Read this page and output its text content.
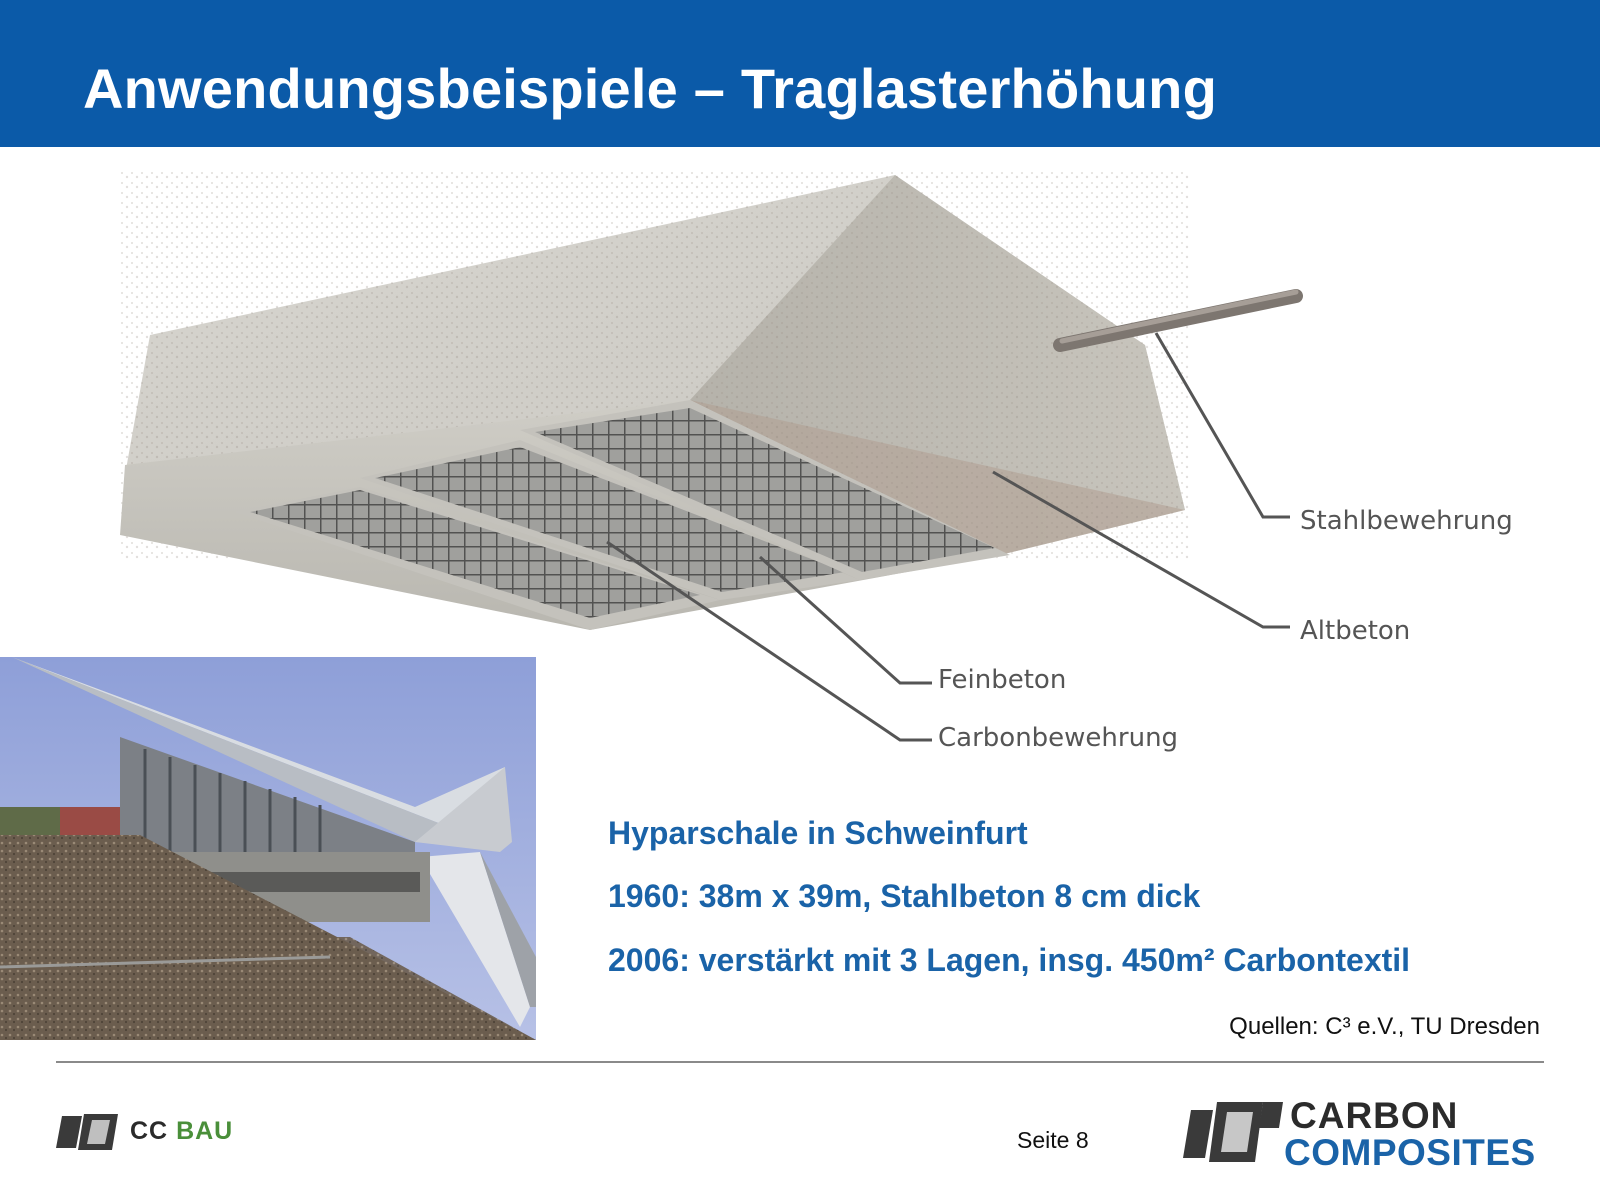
Anwendungsbeispiele – Traglasterhöhung
Stahlbewehrung
Altbeton
Feinbeton
Carbonbewehrung
Hyparschale in Schweinfurt
1960: 38m x 39m, Stahlbeton 8 cm dick
2006: verstärkt mit 3 Lagen, insg. 450m² Carbontextil
Quellen: C³ e.V., TU Dresden
CC BAU	Seite 8
CARBON
COMPOSITES
